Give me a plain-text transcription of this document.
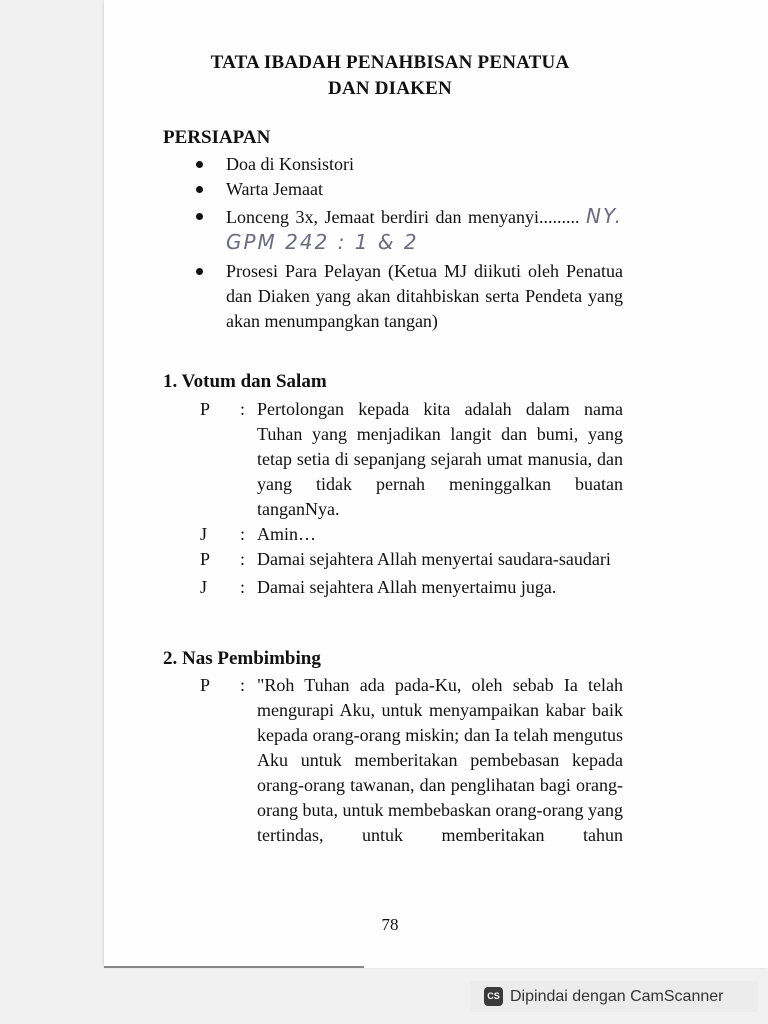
TATA IBADAH PENAHBISAN PENATUA
DAN DIAKEN
PERSIAPAN
Doa di Konsistori
Warta Jemaat
Lonceng 3x, Jemaat berdiri dan menyanyi......... NY. GPM 242 : 1 & 2
Prosesi Para Pelayan (Ketua MJ diikuti oleh Penatua dan Diaken yang akan ditahbiskan serta Pendeta yang akan menumpangkan tangan)
1. Votum dan Salam
P	: Pertolongan kepada kita adalah dalam nama Tuhan yang menjadikan langit dan bumi, yang tetap setia di sepanjang sejarah umat manusia, dan yang tidak pernah meninggalkan buatan tanganNya.
J	: Amin…
P	: Damai sejahtera Allah menyertai saudara-saudari
J	: Damai sejahtera Allah menyertaimu juga.
2. Nas Pembimbing
P	: "Roh Tuhan ada pada-Ku, oleh sebab Ia telah mengurapi Aku, untuk menyampaikan kabar baik kepada orang-orang miskin; dan Ia telah mengutus Aku untuk memberitakan pembebasan kepada orang-orang tawanan, dan penglihatan bagi orang-orang buta, untuk membebaskan orang-orang yang tertindas, untuk memberitakan tahun
78
CS Dipindai dengan CamScanner
